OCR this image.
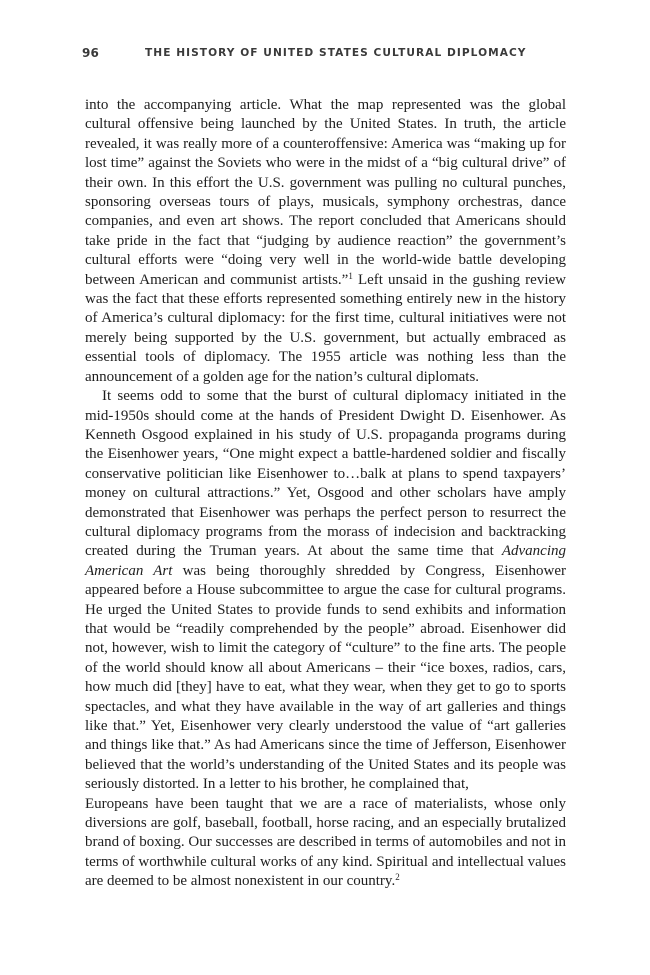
96	THE HISTORY OF UNITED STATES CULTURAL DIPLOMACY

into the accompanying article. What the map represented was the global cultural offensive being launched by the United States. In truth, the article revealed, it was really more of a counteroffensive: America was “making up for lost time” against the Soviets who were in the midst of a “big cultural drive” of their own. In this effort the U.S. government was pulling no cultural punches, sponsoring overseas tours of plays, musicals, symphony orchestras, dance companies, and even art shows. The report concluded that Americans should take pride in the fact that “judging by audience reaction” the government’s cultural efforts were “doing very well in the world-wide battle developing between American and communist artists.”$^1$ Left unsaid in the gushing review was the fact that these efforts represented something entirely new in the history of America’s cultural diplomacy: for the first time, cultural initiatives were not merely being supported by the U.S. government, but actually embraced as essential tools of diplomacy. The 1955 article was nothing less than the announcement of a golden age for the nation’s cultural diplomats.

It seems odd to some that the burst of cultural diplomacy initiated in the mid-1950s should come at the hands of President Dwight D. Eisenhower. As Kenneth Osgood explained in his study of U.S. propaganda programs during the Eisenhower years, “One might expect a battle-hardened soldier and fiscally conservative politician like Eisenhower to…balk at plans to spend taxpayers’ money on cultural attractions.” Yet, Osgood and other scholars have amply demonstrated that Eisenhower was perhaps the perfect person to resurrect the cultural diplomacy programs from the morass of indecision and backtracking created during the Truman years. At about the same time that Advancing American Art was being thoroughly shredded by Congress, Eisenhower appeared before a House subcommittee to argue the case for cultural programs. He urged the United States to provide funds to send exhibits and information that would be “readily comprehended by the people” abroad. Eisenhower did not, however, wish to limit the category of “culture” to the fine arts. The people of the world should know all about Americans – their “ice boxes, radios, cars, how much did [they] have to eat, what they wear, when they get to go to sports spectacles, and what they have available in the way of art galleries and things like that.” Yet, Eisenhower very clearly understood the value of “art galleries and things like that.” As had Americans since the time of Jefferson, Eisenhower believed that the world’s understanding of the United States and its people was seriously distorted. In a letter to his brother, he complained that,

Europeans have been taught that we are a race of materialists, whose only diversions are golf, baseball, football, horse racing, and an especially brutalized brand of boxing. Our successes are described in terms of automobiles and not in terms of worthwhile cultural works of any kind. Spiritual and intellectual values are deemed to be almost nonexistent in our country.$^2$
